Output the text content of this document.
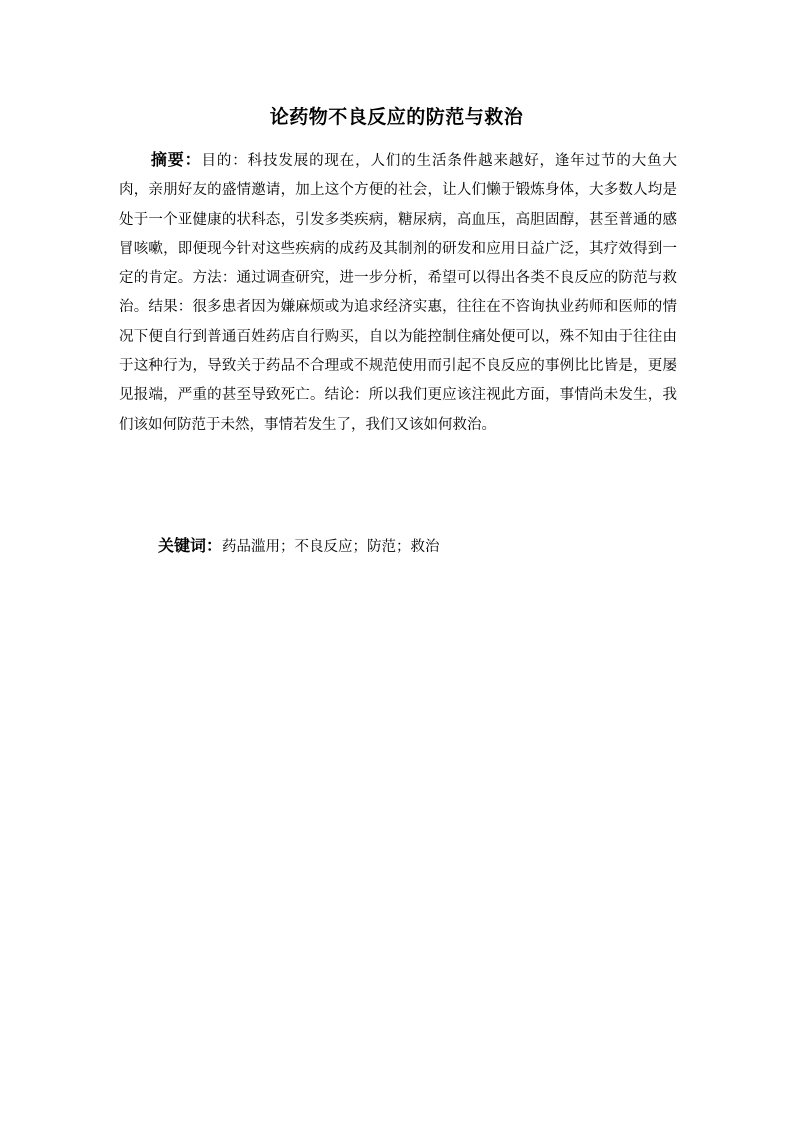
论药物不良反应的防范与救治

摘要：目的：科技发展的现在，人们的生活条件越来越好，逢年过节的大鱼大肉，亲朋好友的盛情邀请，加上这个方便的社会，让人们懒于锻炼身体，大多数人均是处于一个亚健康的状科态，引发多类疾病，糖尿病，高血压，高胆固醇，甚至普通的感冒咳嗽，即便现今针对这些疾病的成药及其制剂的研发和应用日益广泛，其疗效得到一定的肯定。方法：通过调查研究，进一步分析，希望可以得出各类不良反应的防范与救治。结果：很多患者因为嫌麻烦或为追求经济实惠，往往在不咨询执业药师和医师的情况下便自行到普通百姓药店自行购买，自以为能控制住痛处便可以，殊不知由于往往由于这种行为，导致关于药品不合理或不规范使用而引起不良反应的事例比比皆是，更屡见报端，严重的甚至导致死亡。结论：所以我们更应该注视此方面，事情尚未发生，我们该如何防范于未然，事情若发生了，我们又该如何救治。

关键词：药品滥用；不良反应；防范；救治
